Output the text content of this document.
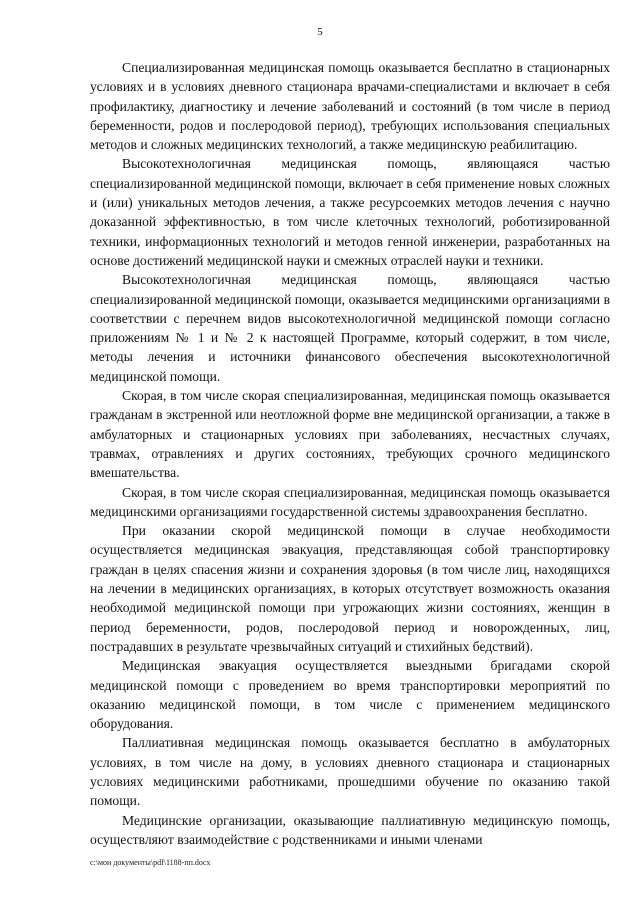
5

Специализированная медицинская помощь оказывается бесплатно в стационарных условиях и в условиях дневного стационара врачами-специалистами и включает в себя профилактику, диагностику и лечение заболеваний и состояний (в том числе в период беременности, родов и послеродовой период), требующих использования специальных методов и сложных медицинских технологий, а также медицинскую реабилитацию.

Высокотехнологичная медицинская помощь, являющаяся частью специализированной медицинской помощи, включает в себя применение новых сложных и (или) уникальных методов лечения, а также ресурсоемких методов лечения с научно доказанной эффективностью, в том числе клеточных технологий, роботизированной техники, информационных технологий и методов генной инженерии, разработанных на основе достижений медицинской науки и смежных отраслей науки и техники.

Высокотехнологичная медицинская помощь, являющаяся частью специализированной медицинской помощи, оказывается медицинскими организациями в соответствии с перечнем видов высокотехнологичной медицинской помощи согласно приложениям № 1 и № 2 к настоящей Программе, который содержит, в том числе, методы лечения и источники финансового обеспечения высокотехнологичной медицинской помощи.

Скорая, в том числе скорая специализированная, медицинская помощь оказывается гражданам в экстренной или неотложной форме вне медицинской организации, а также в амбулаторных и стационарных условиях при заболеваниях, несчастных случаях, травмах, отравлениях и других состояниях, требующих срочного медицинского вмешательства.

Скорая, в том числе скорая специализированная, медицинская помощь оказывается медицинскими организациями государственной системы здравоохранения бесплатно.

При оказании скорой медицинской помощи в случае необходимости осуществляется медицинская эвакуация, представляющая собой транспортировку граждан в целях спасения жизни и сохранения здоровья (в том числе лиц, находящихся на лечении в медицинских организациях, в которых отсутствует возможность оказания необходимой медицинской помощи при угрожающих жизни состояниях, женщин в период беременности, родов, послеродовой период и новорожденных, лиц, пострадавших в результате чрезвычайных ситуаций и стихийных бедствий).

Медицинская эвакуация осуществляется выездными бригадами скорой медицинской помощи с проведением во время транспортировки мероприятий по оказанию медицинской помощи, в том числе с применением медицинского оборудования.

Паллиативная медицинская помощь оказывается бесплатно в амбулаторных условиях, в том числе на дому, в условиях дневного стационара и стационарных условиях медицинскими работниками, прошедшими обучение по оказанию такой помощи.

Медицинские организации, оказывающие паллиативную медицинскую помощь, осуществляют взаимодействие с родственниками и иными членами

c:\мои документы\pdf\1188-пп.docx
